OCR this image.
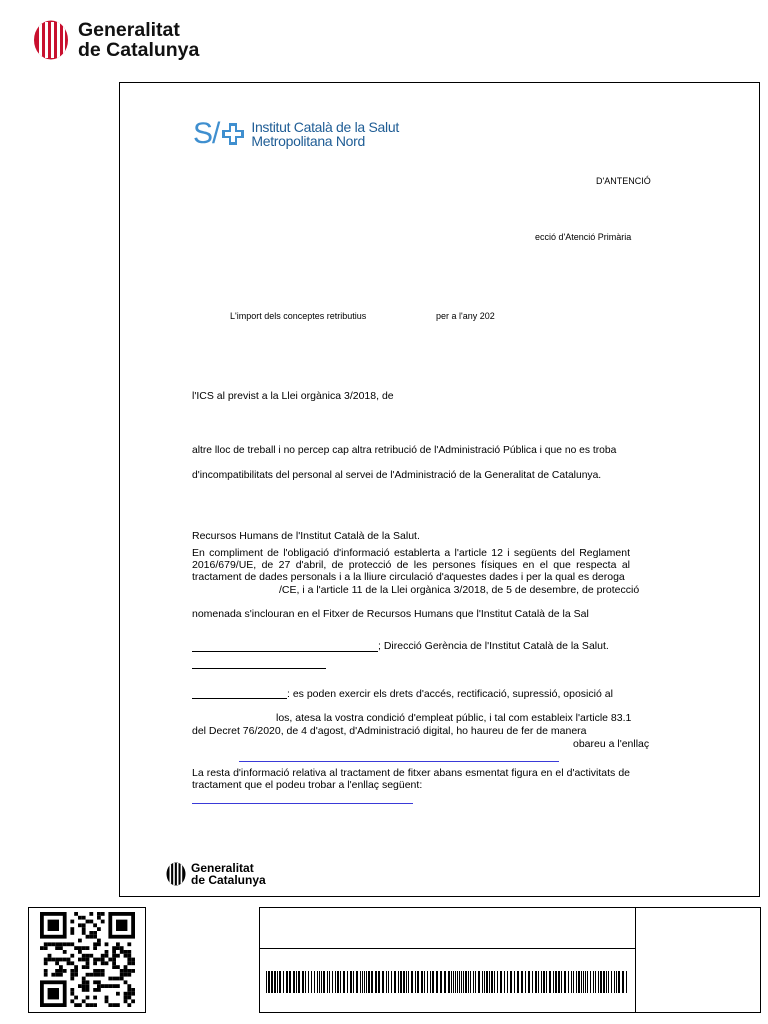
Generalitat
de Catalunya
S/ Institut Català de la Salut
Metropolitana Nord
D'ANTENCIÓ
ecció d'Atenció Primària
L'import dels conceptes retributius	per a l'any 202
l'ICS al previst a la Llei orgànica 3/2018, de
altre lloc de treball i no percep cap altra retribució de l'Administració Pública i que no es troba
d'incompatibilitats del personal al servei de l'Administració de la Generalitat de Catalunya.
Recursos Humans de l'Institut Català de la Salut.
En compliment de l'obligació d'informació establerta a l'article 12 i següents del Reglament 2016/679/UE, de 27 d'abril, de protecció de les persones físiques en el que respecta al tractament de dades personals i a la lliure circulació d'aquestes dades i per la qual es deroga
/CE, i a l'article 11 de la Llei orgànica 3/2018, de 5 de desembre, de protecció
nomenada s'inclouran en el Fitxer de Recursos Humans que l'Institut Català de la Sal
; Direcció Gerència de l'Institut Català de la Salut.
: es poden exercir els drets d'accés, rectificació, supressió, oposició al
los, atesa la vostra condició d'empleat públic, i tal com estableix l'article 83.1
del Decret 76/2020, de 4 d'agost, d'Administració digital, ho haureu de fer de manera
obareu a l'enllaç
La resta d'informació relativa al tractament de fitxer abans esmentat figura en el d'activitats de tractament que el podeu trobar a l'enllaç següent:
Generalitat
de Catalunya
